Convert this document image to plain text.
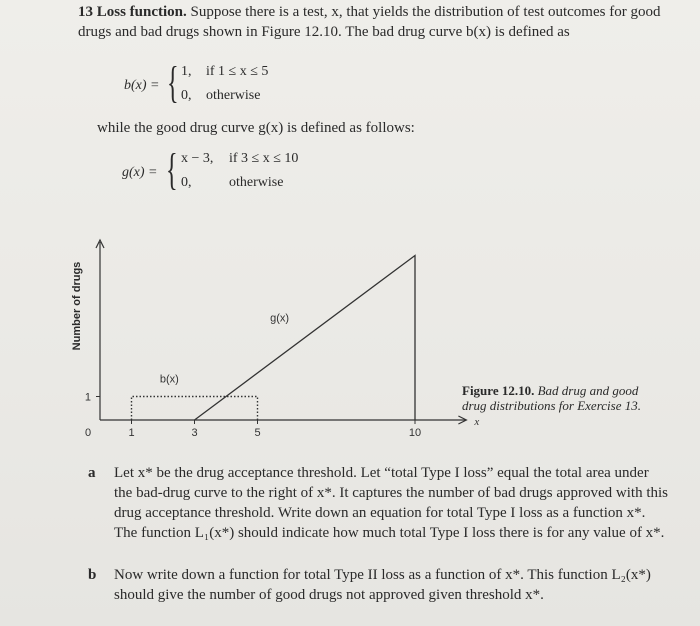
13 Loss function. Suppose there is a test, x, that yields the distribution of test outcomes for good drugs and bad drugs shown in Figure 12.10. The bad drug curve b(x) is defined as
b(x) = { 1, if 1 ≤ x ≤ 5
0, otherwise
while the good drug curve g(x) is defined as follows:
g(x) = { x − 3, if 3 ≤ x ≤ 10
0,	otherwise
Number of drugs
0	1	3	5	10
1
x
b(x)
g(x)
Figure 12.10. Bad drug and good drug distributions for Exercise 13.
a Let x* be the drug acceptance threshold. Let “total Type I loss” equal the total area under the bad-drug curve to the right of x*. It captures the number of bad drugs approved with this drug acceptance threshold. Write down an equation for total Type I loss as a function x*. The function L₁(x*) should indicate how much total Type I loss there is for any value of x*.
b Now write down a function for total Type II loss as a function of x*. This function L₂(x*) should give the number of good drugs not approved given threshold x*.
